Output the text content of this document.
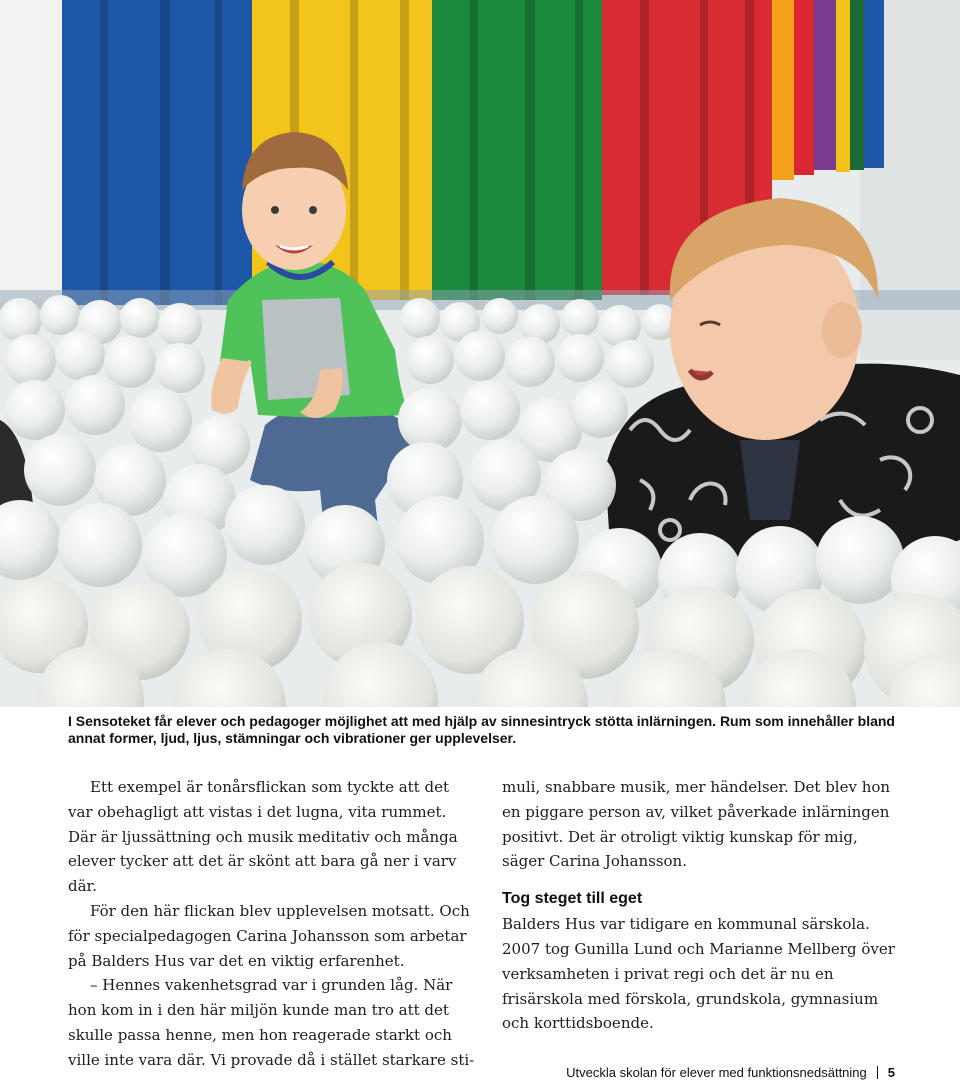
I Sensoteket får elever och pedagoger möjlighet att med hjälp av sinnesintryck stötta inlärningen. Rum som innehåller bland annat former, ljud, ljus, stämningar och vibrationer ger upplevelser.

Ett exempel är tonårsflickan som tyckte att det var obehagligt att vistas i det lugna, vita rummet. Där är ljussättning och musik meditativ och många elever tycker att det är skönt att bara gå ner i varv där.

För den här flickan blev upplevelsen motsatt. Och för specialpedagogen Carina Johansson som arbetar på Balders Hus var det en viktig erfarenhet.

– Hennes vakenhetsgrad var i grunden låg. När hon kom in i den här miljön kunde man tro att det skulle passa henne, men hon reagerade starkt och ville inte vara där. Vi provade då i stället starkare sti-

muli, snabbare musik, mer händelser. Det blev hon en piggare person av, vilket påverkade inlärningen positivt. Det är otroligt viktig kunskap för mig, säger Carina Johansson.

Tog steget till eget

Balders Hus var tidigare en kommunal särskola. 2007 tog Gunilla Lund och Marianne Mellberg över verksamheten i privat regi och det är nu en frisärskola med förskola, grundskola, gymnasium och korttidsboende.

Utveckla skolan för elever med funktionsnedsättning 5
